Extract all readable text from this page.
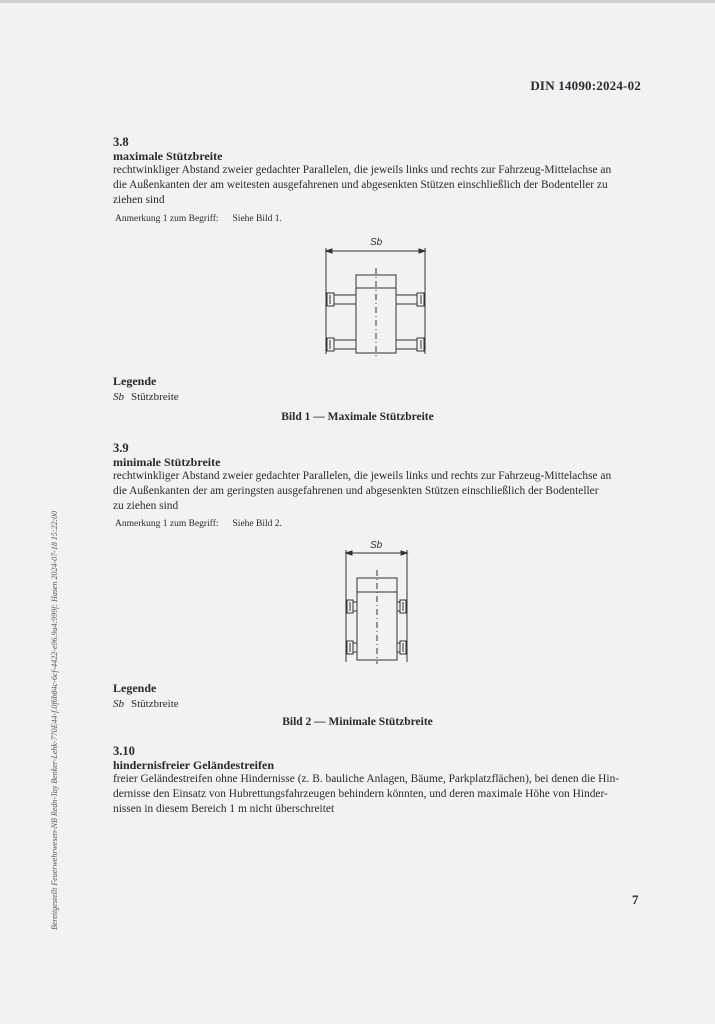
DIN 14090:2024-02
3.8
maximale Stützbreite
rechtwinkliger Abstand zweier gedachter Parallelen, die jeweils links und rechts zur Fahrzeug-Mittelachse an
die Außenkanten der am weitesten ausgefahrenen und abgesenkten Stützen einschließlich der Bodenteller zu
ziehen sind
Anmerkung 1 zum Begriff: Siehe Bild 1.
Sb
Legende
Sb Stützbreite
Bild 1 — Maximale Stützbreite
3.9
minimale Stützbreite
rechtwinkliger Abstand zweier gedachter Parallelen, die jeweils links und rechts zur Fahrzeug-Mittelachse an
die Außenkanten der am geringsten ausgefahrenen und abgesenkten Stützen einschließlich der Bodenteller
zu ziehen sind
Anmerkung 1 zum Begriff: Siehe Bild 2.
Sb
Legende
Sb Stützbreite
Bild 2 — Minimale Stützbreite
3.10
hindernisfreier Geländestreifen
freier Geländestreifen ohne Hindernisse (z. B. bauliche Anlagen, Bäume, Parkplatzflächen), bei denen die Hin-
dernisse den Einsatz von Hubrettungsfahrzeugen behindern könnten, und deren maximale Höhe von Hinder-
nissen in diesem Bereich 1 m nicht überschreitet
Bereitgestellt Feuerwehrwesen-NB Redn-Tay Benker-Lehk-770E44-f.0f6b84c-6cf-4422-e96.9a4:999f: Hasen 2024-07-18 15:22:00	7
